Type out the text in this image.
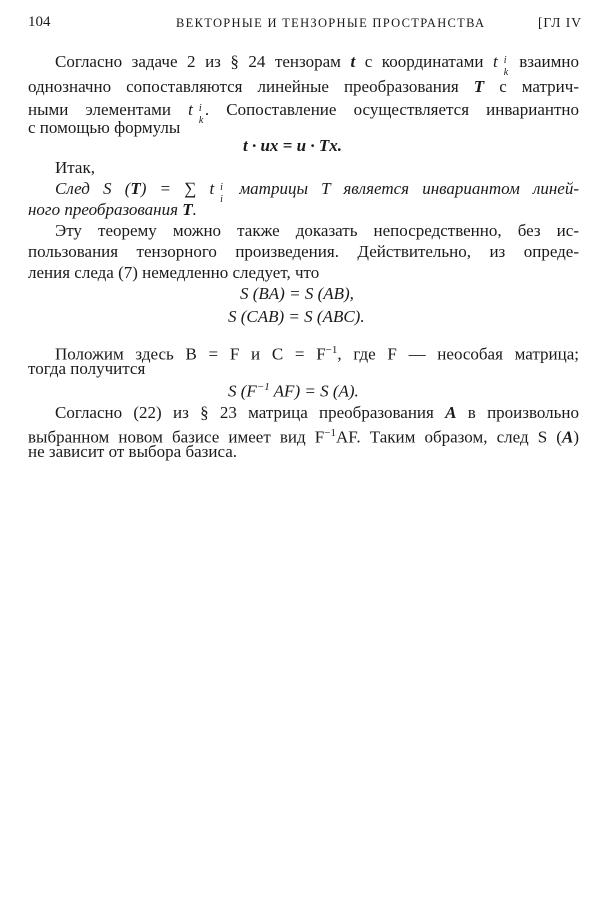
104	ВЕКТОРНЫЕ И ТЕНЗОРНЫЕ ПРОСТРАНСТВА	[ГЛ IV
Согласно задаче 2 из § 24 тензорам t с координатами t i
k
взаимно
однозначно сопоставляются линейные преобразования T с матрич-
ными элементами t i
k
. Сопоставление осуществляется инвариантно
с помощью формулы
t · ux = u · Tx.
Итак,
След S (T) = ∑ t i
i
матрицы T является инвариантом линей-
ного преобразования T.
Эту теорему можно также доказать непосредственно, без ис-
пользования тензорного произведения. Действительно, из опреде-
ления следа (7) немедленно следует, что
S (BA) = S (AB),
S (CAB) = S (ABC).
Положим здесь B = F и $C = F^{-1}$, где F — неособая матрица;
тогда получится
S ($F^{-1}$ AF) = S (A).
Согласно (22) из § 23 матрица преобразования A в произвольно
выбранном новом базисе имеет вид $F^{-1}AF$. Таким образом, след S (A)
не зависит от выбора базиса.
